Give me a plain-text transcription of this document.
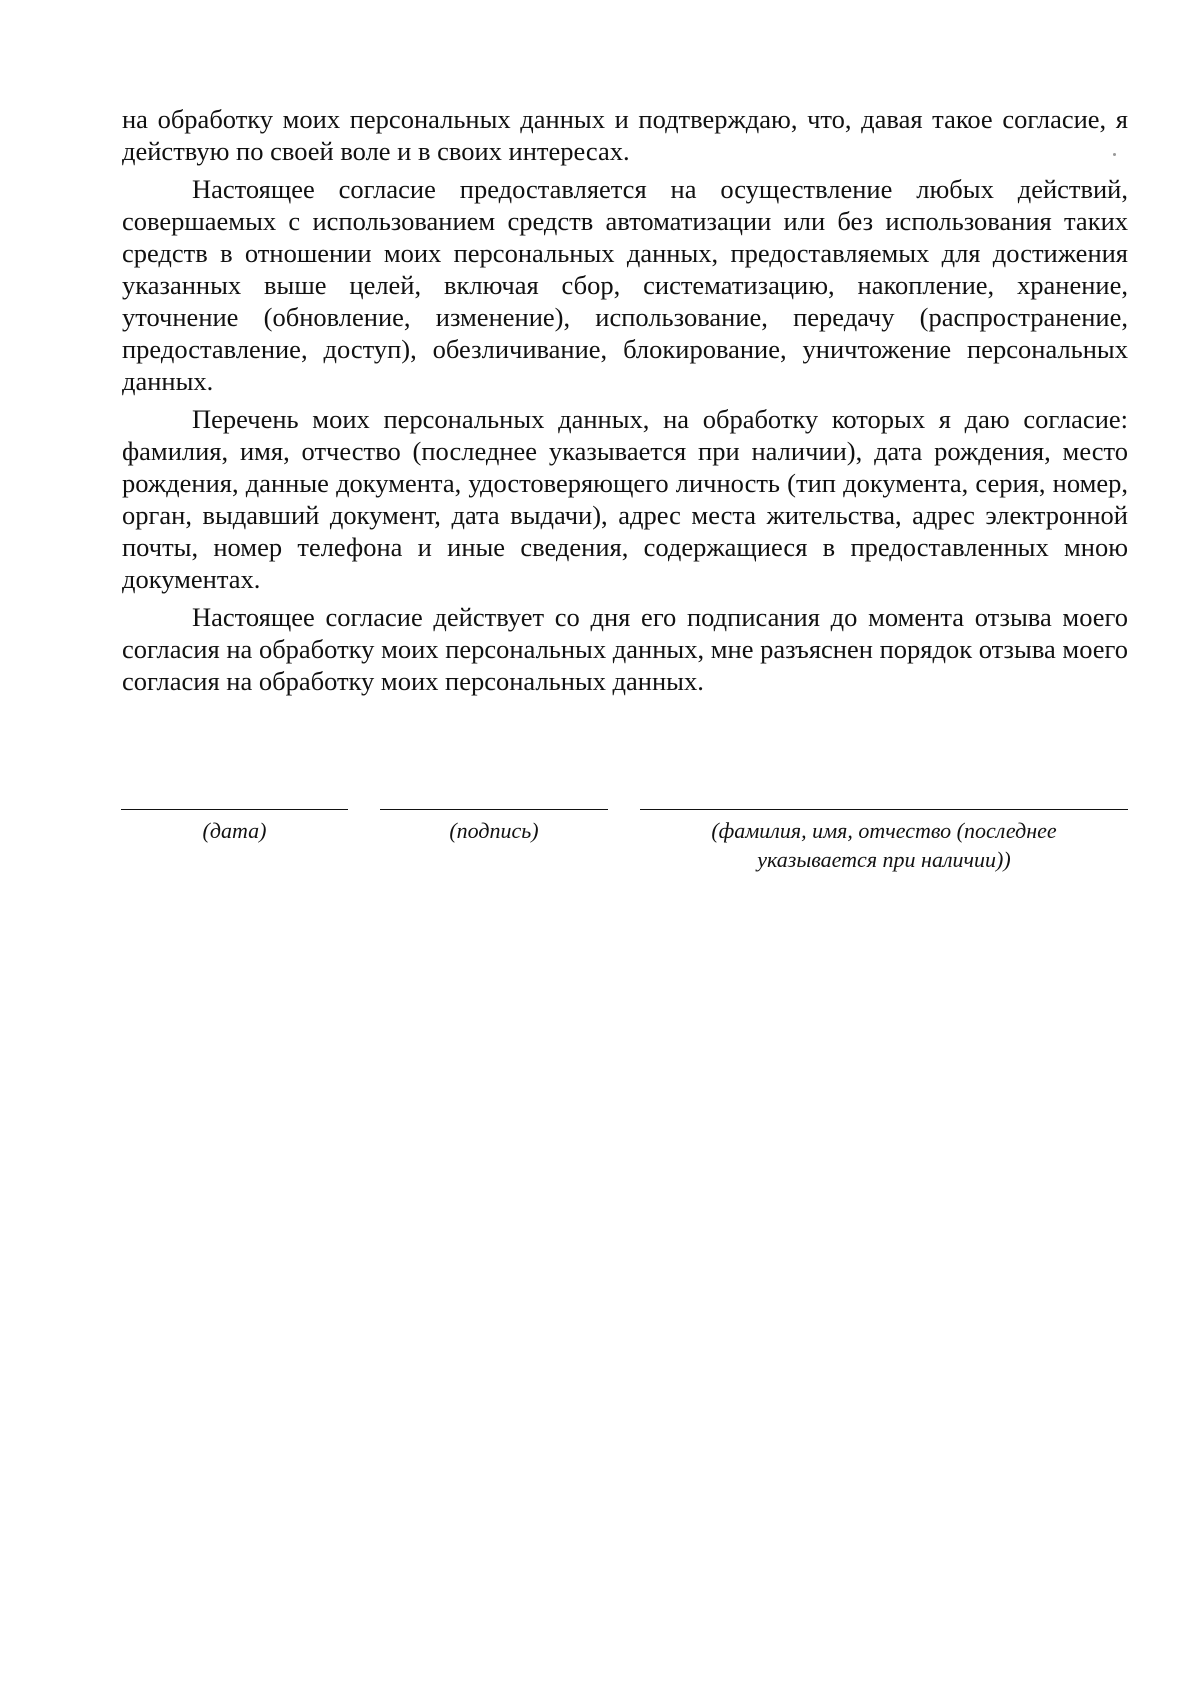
на обработку моих персональных данных и подтверждаю, что, давая такое согласие, я действую по своей воле и в своих интересах.

Настоящее согласие предоставляется на осуществление любых действий, совершаемых с использованием средств автоматизации или без использования таких средств в отношении моих персональных данных, предоставляемых для достижения указанных выше целей, включая сбор, систематизацию, накопление, хранение, уточнение (обновление, изменение), использование, передачу (распространение, предоставление, доступ), обезличивание, блокирование, уничтожение персональных данных.

Перечень моих персональных данных, на обработку которых я даю согласие: фамилия, имя, отчество (последнее указывается при наличии), дата рождения, место рождения, данные документа, удостоверяющего личность (тип документа, серия, номер, орган, выдавший документ, дата выдачи), адрес места жительства, адрес электронной почты, номер телефона и иные сведения, содержащиеся в предоставленных мною документах.

Настоящее согласие действует со дня его подписания до момента отзыва моего согласия на обработку моих персональных данных, мне разъяснен порядок отзыва моего согласия на обработку моих персональных данных.

(дата)	(подпись)	(фамилия, имя, отчество (последнее
указывается при наличии))
